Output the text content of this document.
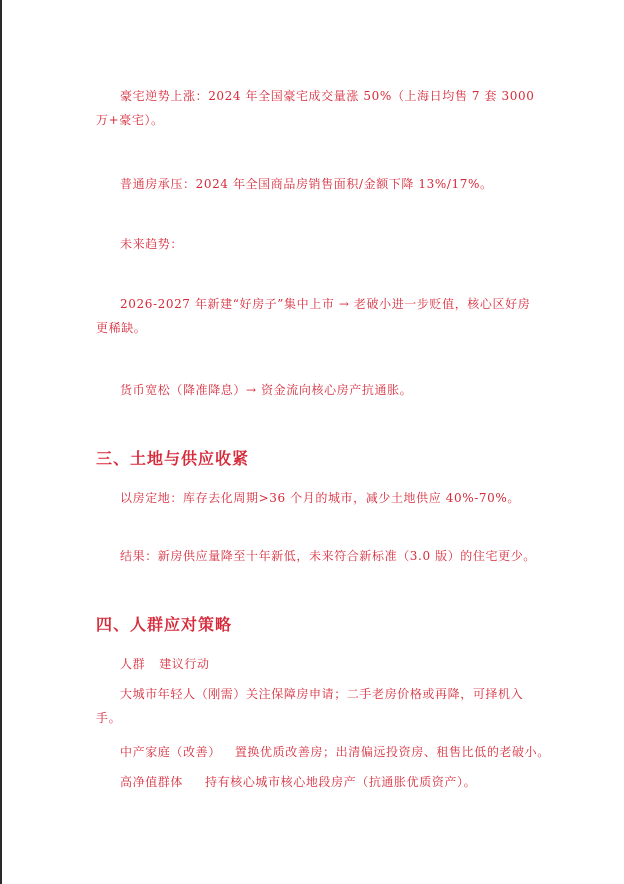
豪宅逆势上涨：2024 年全国豪宅成交量涨 50%（上海日均售 7 套 3000 万+豪宅）。

普通房承压：2024 年全国商品房销售面积/金额下降 13%/17%。

未来趋势：

2026-2027 年新建“好房子”集中上市 → 老破小进一步贬值，核心区好房更稀缺。

货币宽松（降准降息）→ 资金流向核心房产抗通胀。

三、土地与供应收紧

以房定地：库存去化周期>36 个月的城市，减少土地供应 40%-70%。

结果：新房供应量降至十年新低，未来符合新标准（3.0 版）的住宅更少。

四、人群应对策略

人群 建议行动

大城市年轻人（刚需）关注保障房申请；二手老房价格或再降，可择机入手。

中产家庭（改善） 置换优质改善房；出清偏远投资房、租售比低的老破小。

高净值群体 持有核心城市核心地段房产（抗通胀优质资产）。
